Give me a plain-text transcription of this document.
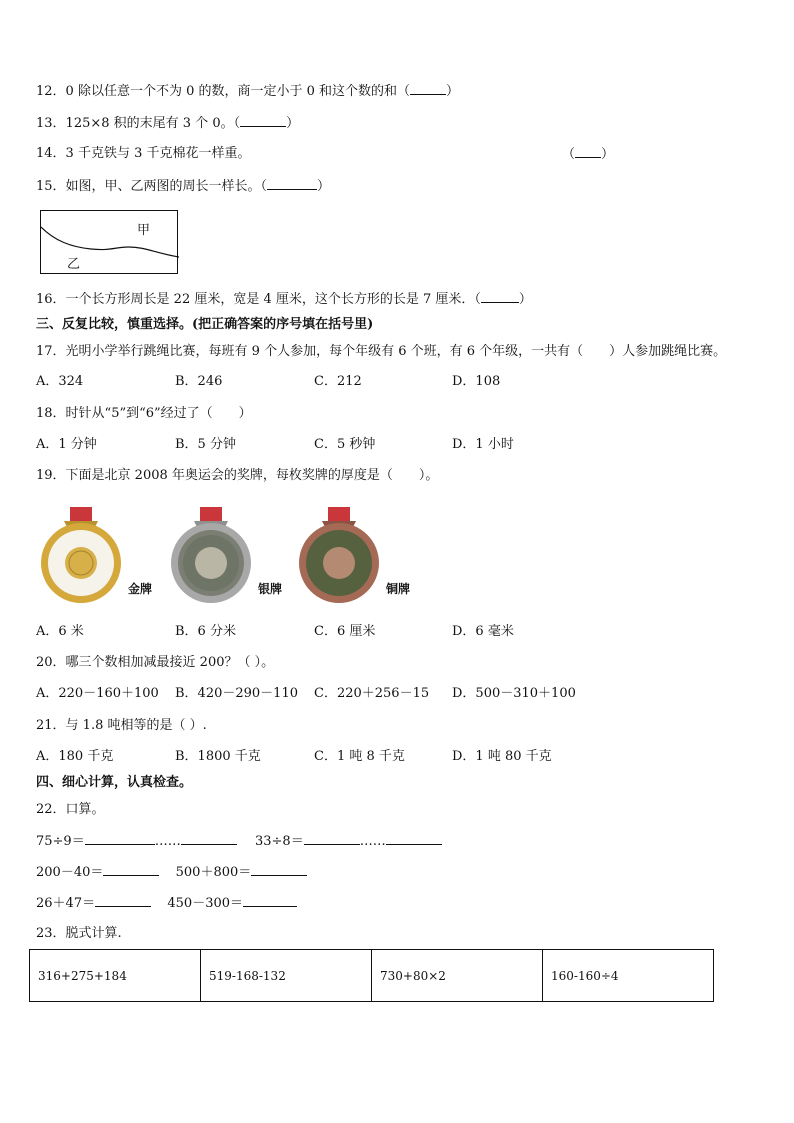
12．0 除以任意一个不为 0 的数，商一定小于 0 和这个数的和（	）
13．125×8 积的末尾有 3 个 0。（	）
14．3 千克铁与 3 千克棉花一样重。	（ ）
15．如图，甲、乙两图的周长一样长。（	）
甲
乙
16．一个长方形周长是 22 厘米，宽是 4 厘米，这个长方形的长是 7 厘米．（	）
三、反复比较，慎重选择。(把正确答案的序号填在括号里)
17．光明小学举行跳绳比赛，每班有 9 个人参加，每个年级有 6 个班，有 6 个年级，一共有（　　）人参加跳绳比赛。
A．324	B．246	C．212	D．108
18．时针从“5”到“6”经过了（　　）
A．1 分钟	B．5 分钟	C．5 秒钟	D．1 小时
19．下面是北京 2008 年奥运会的奖牌，每枚奖牌的厚度是（　　）。
金牌	银牌	铜牌
A．6 米	B．6 分米	C．6 厘米	D．6 毫米
20．哪三个数相加减最接近 200？（ ）。
A．220－160＋100 B．420－290－110 C．220＋256－15 D．500－310＋100
21．与 1.8 吨相等的是（ ）.
A．180 千克	B．1800 千克	C．1 吨 8 千克	D．1 吨 80 千克
四、细心计算，认真检查。
22．口算。
75÷9＝	……	33÷8＝	……
200－40＝	500＋800＝
26＋47＝	450－300＝
23．脱式计算.
316+275+184	519-168-132	730+80×2	160-160÷4
